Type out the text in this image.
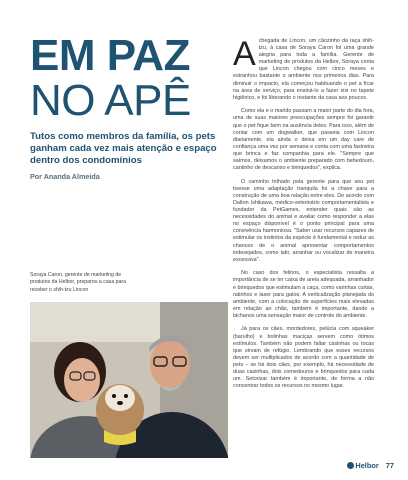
EM PAZ
NO APÊ

Tutos como membros da família, os pets ganham cada vez mais atenção e espaço dentro dos condomínios

Por Ananda Almeida
Soraya Caron, gerente de marketing de produtos da Helbor, preparou a casa para receber o shih-tzu Lincon

Achegada de Lincon, um cãozinho da raça shih-tzu, à casa de Soraya Caron foi uma grande alegria para toda a família. Gerente de marketing de produtos da Helbor, Soraya conta que Lincon chegou com cinco meses e estranhou bastante o ambiente nos primeiros dias. Para diminuir o impacto, ela começou habituando o pet a ficar na área de serviço, para ensiná-lo a fazer xixi no tapete higiênico, e foi liberando o restante da casa aos poucos.

Como ela e o marido passam a maior parte do dia fora, uma de suas maiores preocupações sempre foi garantir que o pet fique bem na ausência deles. Para isso, além de contar com um dogwalker, que passeia com Lincon diariamente, ela ainda o deixa em um day care de confiança uma vez por semana e conta com uma faxineira que brinca e faz companhia para ele. "Sempre que saímos, deixamos o ambiente preparado com bebedouro, cantinho de descanso e brinquedos", explica.

O caminho trilhado pela gerente para que seu pet tivesse uma adaptação tranquila foi a chave para a construção de uma boa relação entre eles. De acordo com Dalton Ishikawa, médico-veterinário comportamentalista e fundador da PetGames, entender quais são as necessidades do animal e avaliar como responder a elas no espaço disponível é o ponto principal para uma convivência harmoniosa. "Saber usar recursos capazes de estimular os instintos da espécie é fundamental e reduz as chances de o animal apresentar comportamentos indesejados, como latir, arranhar ou vocalizar de maneira excessiva".

No caso dos felinos, o especialista ressalta a importância de se ter caixa de areia adequada, arranhador e brinquedos que estimulam a caça, como varinhas curtas, ratinhos e laser para gatos. A verticalização planejada do ambiente, com a colocação de superfícies mais elevadas em relação ao chão, também é importante, dando a bichanos uma sensação maior de controle do ambiente.

Já para os cães, mordedores, pelúcia com squeaker (barulho) e bolinhas maciças servem como ótimos estímulos. Também não podem faltar casinhas ou tocas que sirvam de refúgio. Lembrando que esses recursos devem ser multiplicados de acordo com a quantidade de pets – se há dois cães, por exemplo, há necessidade de duas casinhas, dois comedouros e brinquedos para cada um. Setorizar também é importante, de forma a não concentrar todos os recursos no mesmo lugar.

Helbor 77
